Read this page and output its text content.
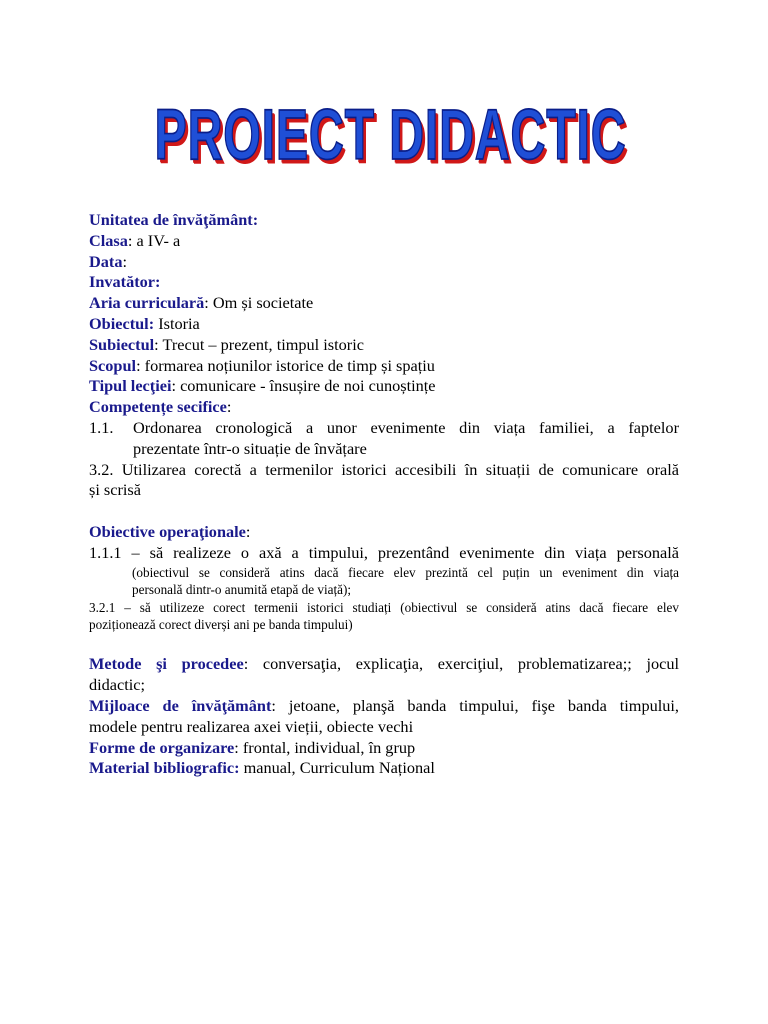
PROIECT DIDACTIC
Unitatea de învăţământ:
Clasa: a IV- a
Data:
Invatător:
Aria curriculară: Om și societate
Obiectul: Istoria
Subiectul: Trecut – prezent, timpul istoric
Scopul: formarea noțiunilor istorice de timp și spațiu
Tipul lecţiei: comunicare - însușire de noi cunoștințe
Competențe secifice:
1.1.	Ordonarea cronologică a unor evenimente din viața familiei, a faptelor
prezentate într-o situație de învățare
3.2. Utilizarea corectă a termenilor istorici accesibili în situații de comunicare orală
și scrisă
Obiective operaţionale:
1.1.1 – să realizeze o axă a timpului, prezentând evenimente din viața personală
(obiectivul se consideră atins dacă fiecare elev prezintă cel puțin un eveniment din viața
personală dintr-o anumită etapă de viață);
3.2.1 – să utilizeze corect termenii istorici studiați (obiectivul se consideră atins dacă fiecare elev
poziționează corect diverși ani pe banda timpului)
Metode şi procedee: conversaţia, explicaţia, exerciţiul, problematizarea;; jocul
didactic;
Mijloace de învăţământ: jetoane, planşă banda timpului, fişe banda timpului,
modele pentru realizarea axei vieții, obiecte vechi
Forme de organizare: frontal, individual, în grup
Material bibliografic: manual, Curriculum Național
